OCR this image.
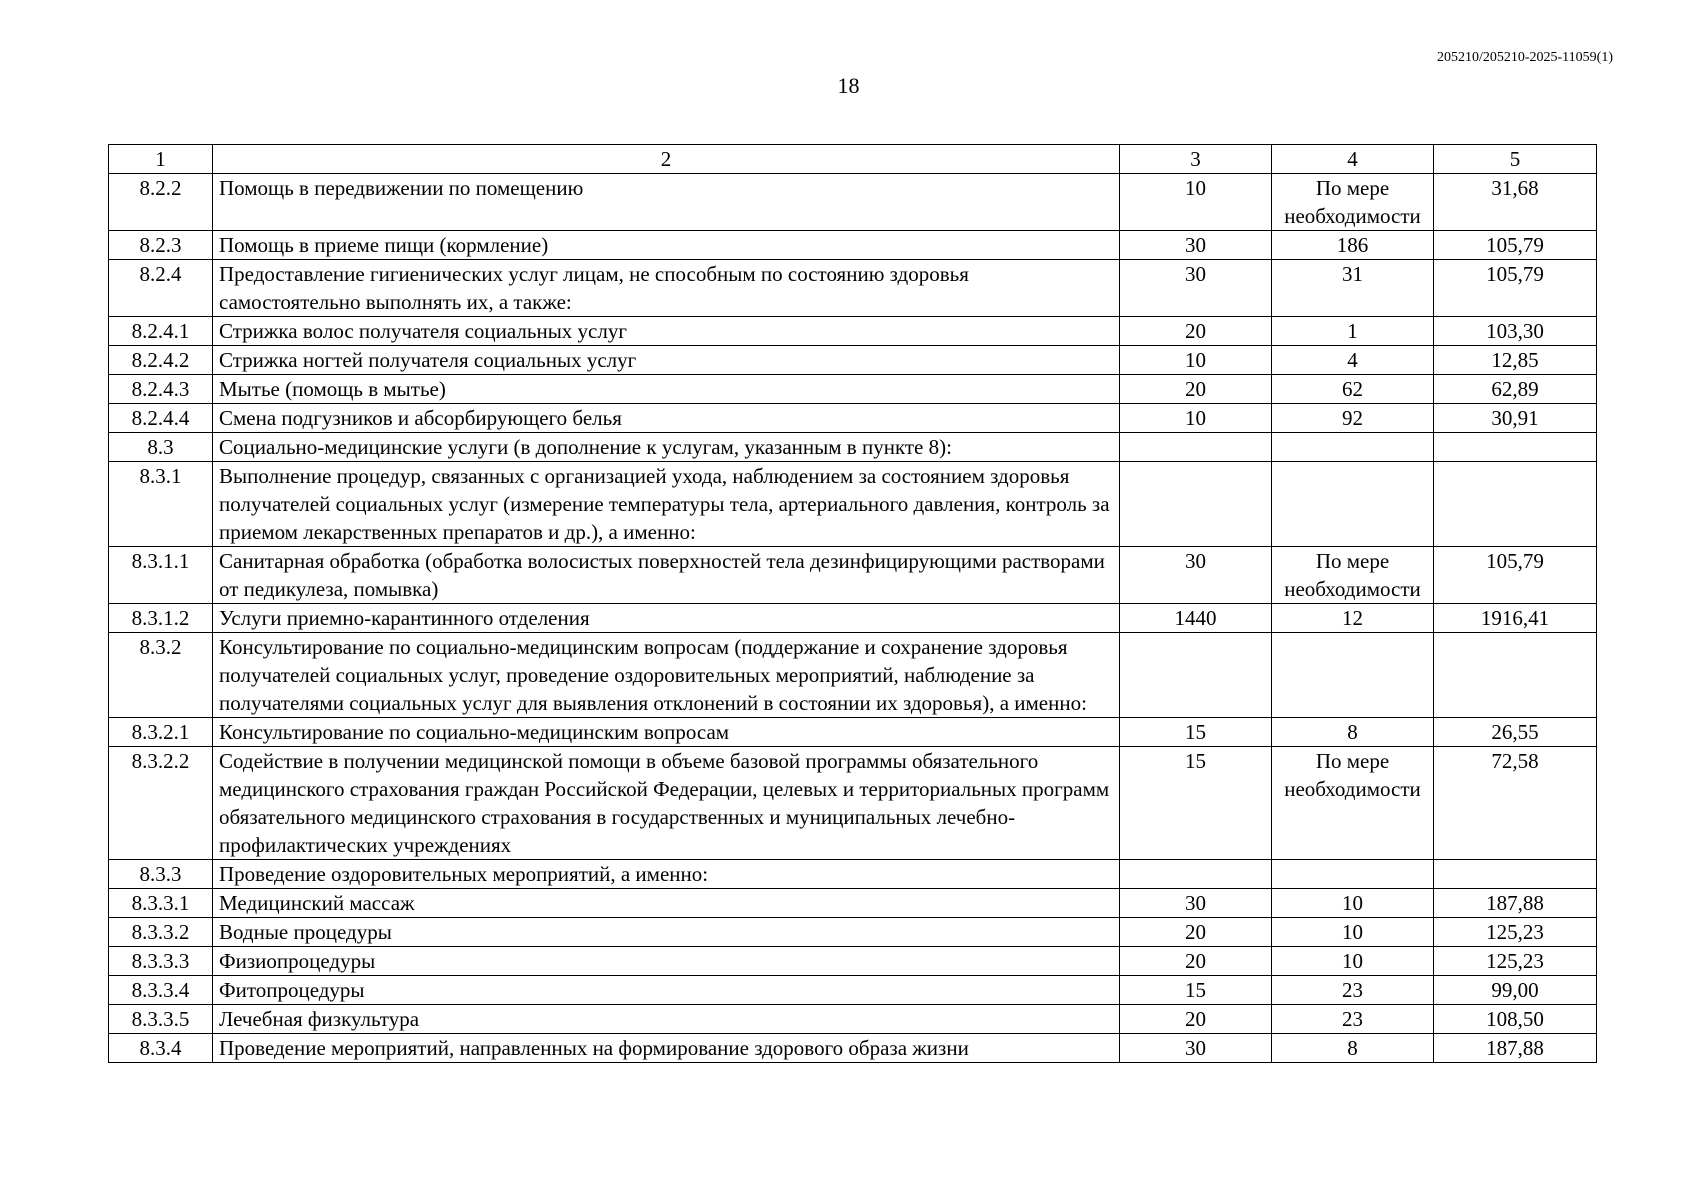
205210/205210-2025-11059(1)
18
1	2	3	4	5
8.2.2	Помощь в передвижении по помещению	10	По мере необходимости	31,68
8.2.3	Помощь в приеме пищи (кормление)	30	186	105,79
8.2.4	Предоставление гигиенических услуг лицам, не способным по состоянию здоровья самостоятельно выполнять их, а также:	30	31	105,79
8.2.4.1	Стрижка волос получателя социальных услуг	20	1	103,30
8.2.4.2	Стрижка ногтей получателя социальных услуг	10	4	12,85
8.2.4.3	Мытье (помощь в мытье)	20	62	62,89
8.2.4.4	Смена подгузников и абсорбирующего белья	10	92	30,91
8.3	Социально-медицинские услуги (в дополнение к услугам, указанным в пункте 8):			
8.3.1	Выполнение процедур, связанных с организацией ухода, наблюдением за состоянием здоровья получателей социальных услуг (измерение температуры тела, артериального давления, контроль за приемом лекарственных препаратов и др.), а именно:			
8.3.1.1	Санитарная обработка (обработка волосистых поверхностей тела дезинфицирующими растворами от педикулеза, помывка)	30	По мере необходимости	105,79
8.3.1.2	Услуги приемно-карантинного отделения	1440	12	1916,41
8.3.2	Консультирование по социально-медицинским вопросам (поддержание и сохранение здоровья получателей социальных услуг, проведение оздоровительных мероприятий, наблюдение за получателями социальных услуг для выявления отклонений в состоянии их здоровья), а именно:			
8.3.2.1	Консультирование по социально-медицинским вопросам	15	8	26,55
8.3.2.2	Содействие в получении медицинской помощи в объеме базовой программы обязательного медицинского страхования граждан Российской Федерации, целевых и территориальных программ обязательного медицинского страхования в государственных и муниципальных лечебно-профилактических учреждениях	15	По мере необходимости	72,58
8.3.3	Проведение оздоровительных мероприятий, а именно:			
8.3.3.1	Медицинский массаж	30	10	187,88
8.3.3.2	Водные процедуры	20	10	125,23
8.3.3.3	Физиопроцедуры	20	10	125,23
8.3.3.4	Фитопроцедуры	15	23	99,00
8.3.3.5	Лечебная физкультура	20	23	108,50
8.3.4	Проведение мероприятий, направленных на формирование здорового образа жизни	30	8	187,88
